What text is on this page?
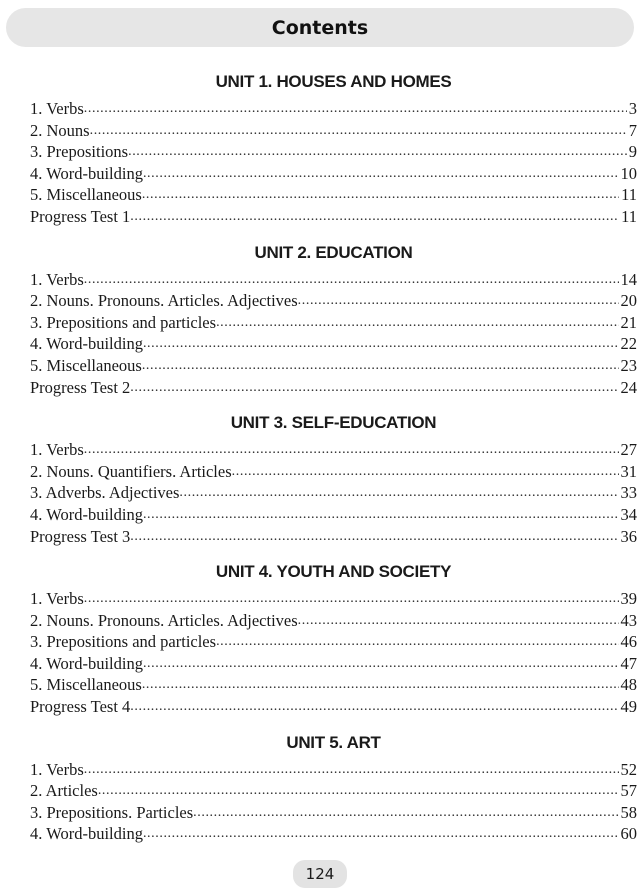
Contents
UNIT 1. HOUSES AND HOMES
1. Verbs .....	3
2. Nouns .....	7
3. Prepositions .....	9
4. Word-building .....	10
5. Miscellaneous .....	11
Progress Test 1 .....	11
UNIT 2. EDUCATION
1. Verbs .....	14
2. Nouns. Pronouns. Articles. Adjectives .....	20
3. Prepositions and particles .....	21
4. Word-building .....	22
5. Miscellaneous .....	23
Progress Test 2 .....	24
UNIT 3. SELF-EDUCATION
1. Verbs .....	27
2. Nouns. Quantifiers. Articles .....	31
3. Adverbs. Adjectives .....	33
4. Word-building .....	34
Progress Test 3 .....	36
UNIT 4. YOUTH AND SOCIETY
1. Verbs .....	39
2. Nouns. Pronouns. Articles. Adjectives .....	43
3. Prepositions and particles .....	46
4. Word-building .....	47
5. Miscellaneous .....	48
Progress Test 4 .....	49
UNIT 5. ART
1. Verbs .....	52
2. Articles .....	57
3. Prepositions. Particles .....	58
4. Word-building .....	60
124
